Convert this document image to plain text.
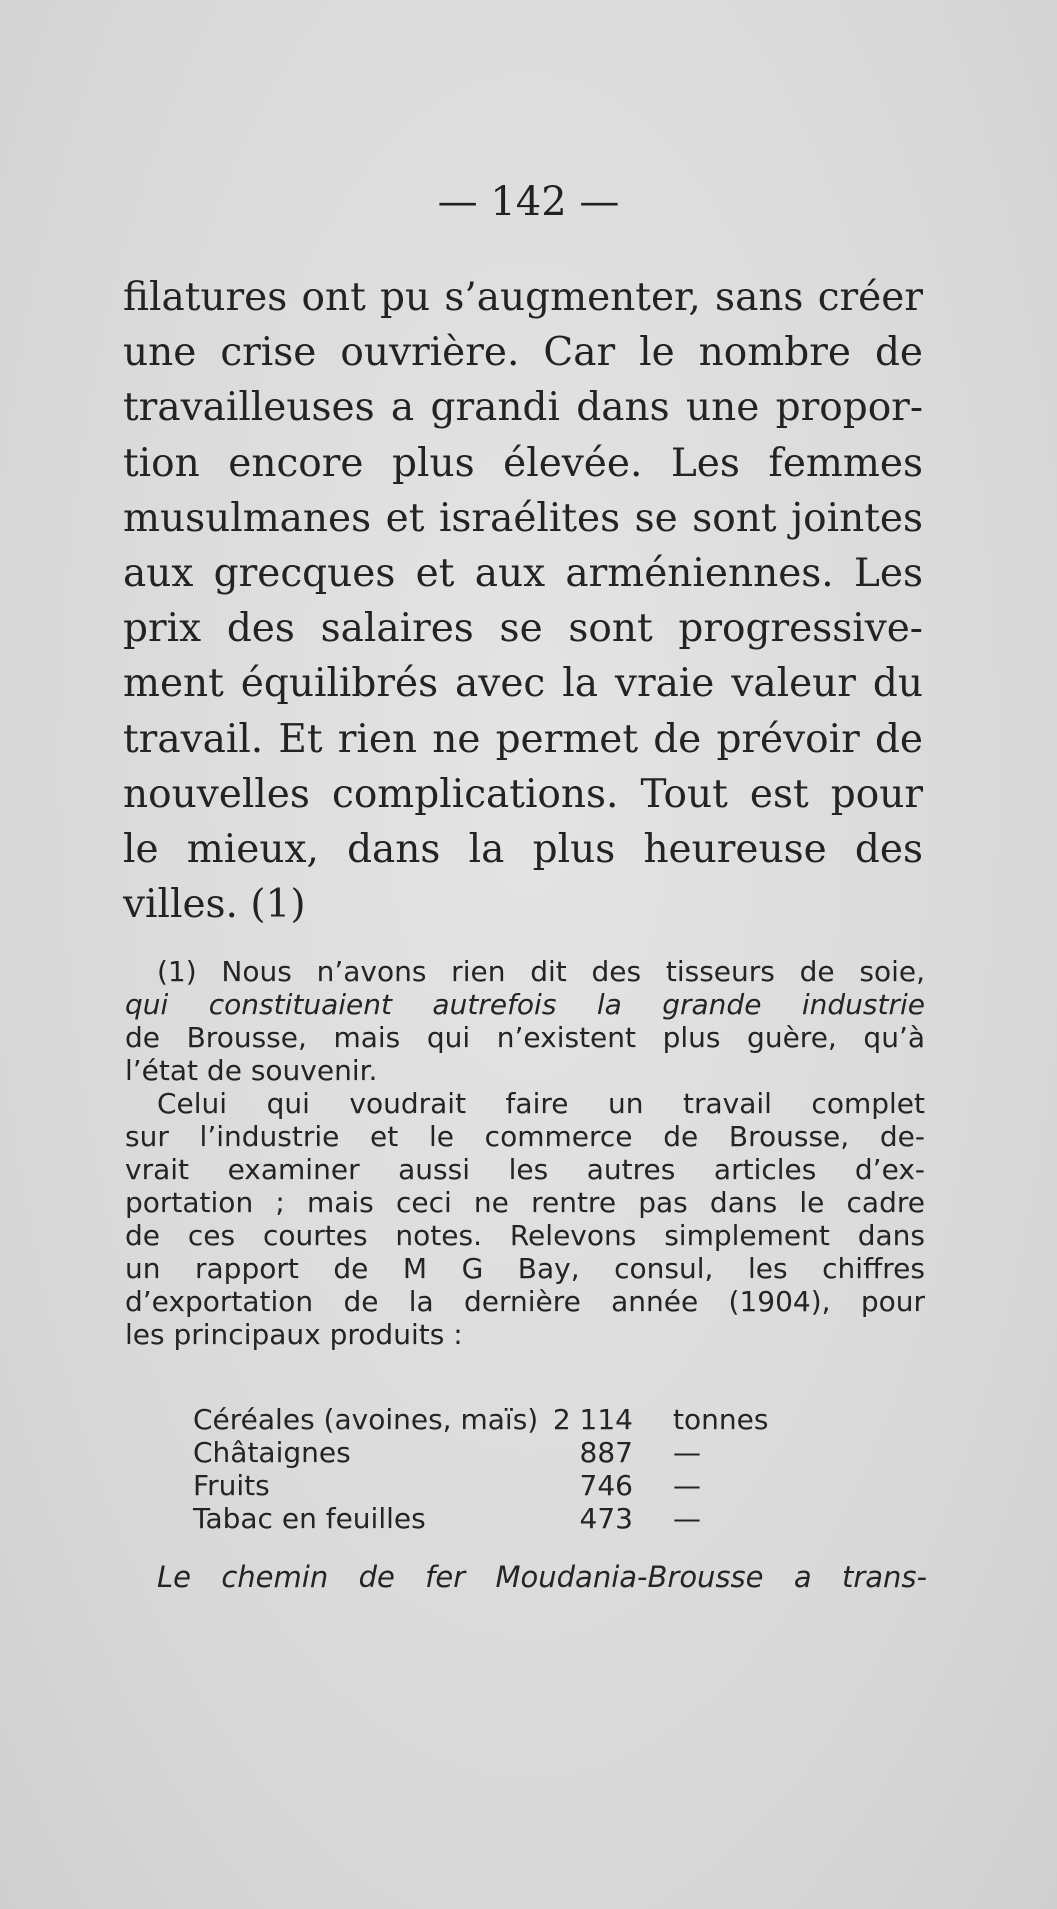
— 142 —
filatures ont pu s’augmenter, sans créer
une crise ouvrière. Car le nombre de
travailleuses a grandi dans une propor-
tion encore plus élevée. Les femmes
musulmanes et israélites se sont jointes
aux grecques et aux arméniennes. Les
prix des salaires se sont progressive-
ment équilibrés avec la vraie valeur du
travail. Et rien ne permet de prévoir de
nouvelles complications. Tout est pour
le mieux, dans la plus heureuse des
villes. (1)
(1) Nous n’avons rien dit des tisseurs de soie,
qui constituaient autrefois la grande industrie
de Brousse, mais qui n’existent plus guère, qu’à
l’état de souvenir.
Celui qui voudrait faire un travail complet
sur l’industrie et le commerce de Brousse, de-
vrait examiner aussi les autres articles d’ex-
portation ; mais ceci ne rentre pas dans le cadre
de ces courtes notes. Relevons simplement dans
un rapport de M G Bay, consul, les chiffres
d’exportation de la dernière année (1904), pour
les principaux produits :
Céréales (avoines, maïs) 2 114 tonnes
Châtaignes	887 —
Fruits	746 —
Tabac en feuilles	473 —
Le chemin de fer Moudania-Brousse a trans-
